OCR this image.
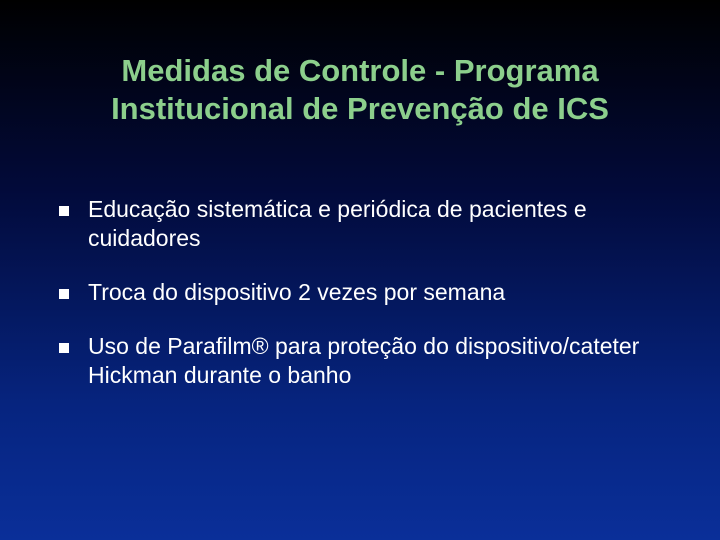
Medidas de Controle - Programa
Institucional de Prevenção de ICS
Educação sistemática e periódica de pacientes e cuidadores
Troca do dispositivo 2 vezes por semana
Uso de Parafilm® para proteção do dispositivo/cateter Hickman durante o banho
